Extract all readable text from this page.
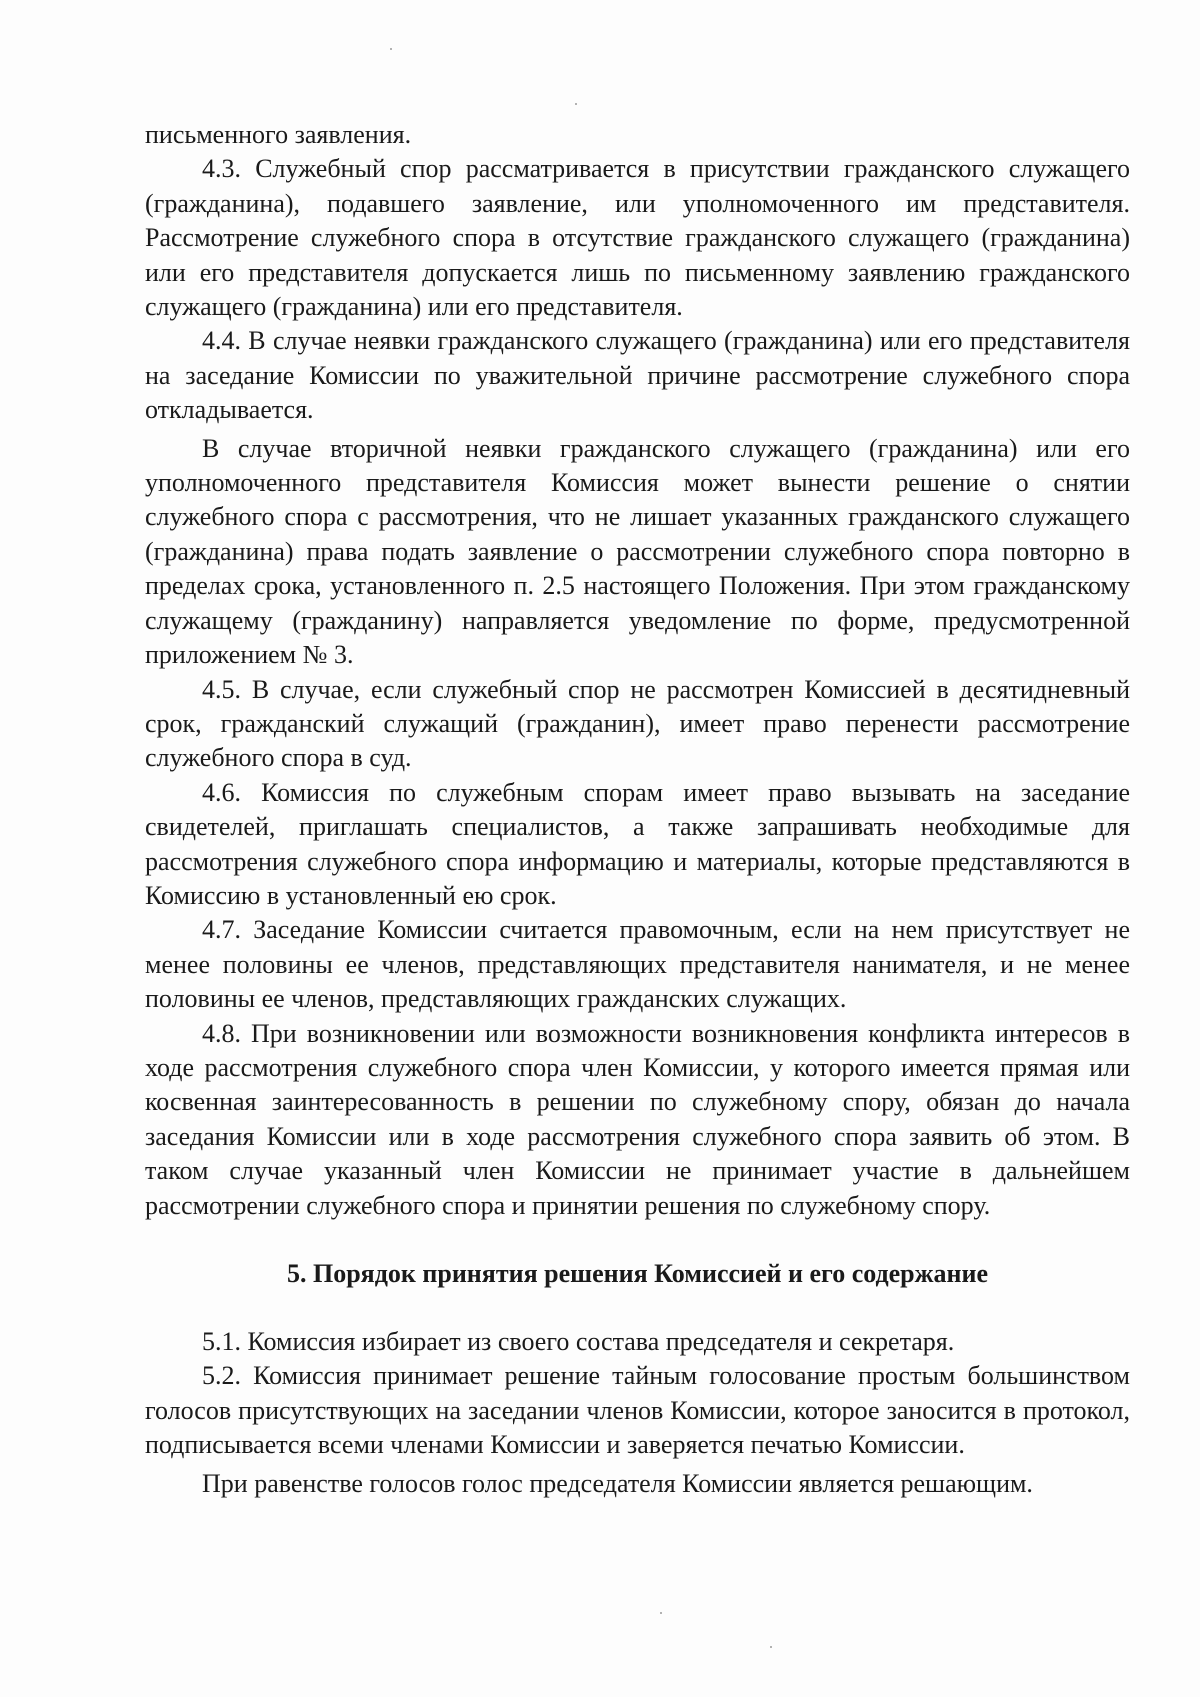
письменного заявления.

4.3. Служебный спор рассматривается в присутствии гражданского служащего (гражданина), подавшего заявление, или уполномоченного им представителя. Рассмотрение служебного спора в отсутствие гражданского служащего (гражданина) или его представителя допускается лишь по письменному заявлению гражданского служащего (гражданина) или его представителя.

4.4. В случае неявки гражданского служащего (гражданина) или его представителя на заседание Комиссии по уважительной причине рассмотрение служебного спора откладывается.

В случае вторичной неявки гражданского служащего (гражданина) или его уполномоченного представителя Комиссия может вынести решение о снятии служебного спора с рассмотрения, что не лишает указанных гражданского служащего (гражданина) права подать заявление о рассмотрении служебного спора повторно в пределах срока, установленного п. 2.5 настоящего Положения. При этом гражданскому служащему (гражданину) направляется уведомление по форме, предусмотренной приложением № 3.

4.5. В случае, если служебный спор не рассмотрен Комиссией в десятидневный срок, гражданский служащий (гражданин), имеет право перенести рассмотрение служебного спора в суд.

4.6. Комиссия по служебным спорам имеет право вызывать на заседание свидетелей, приглашать специалистов, а также запрашивать необходимые для рассмотрения служебного спора информацию и материалы, которые представляются в Комиссию в установленный ею срок.

4.7. Заседание Комиссии считается правомочным, если на нем присутствует не менее половины ее членов, представляющих представителя нанимателя, и не менее половины ее членов, представляющих гражданских служащих.

4.8. При возникновении или возможности возникновения конфликта интересов в ходе рассмотрения служебного спора член Комиссии, у которого имеется прямая или косвенная заинтересованность в решении по служебному спору, обязан до начала заседания Комиссии или в ходе рассмотрения служебного спора заявить об этом. В таком случае указанный член Комиссии не принимает участие в дальнейшем рассмотрении служебного спора и принятии решения по служебному спору.

5. Порядок принятия решения Комиссией и его содержание

5.1. Комиссия избирает из своего состава председателя и секретаря.

5.2. Комиссия принимает решение тайным голосование простым большинством голосов присутствующих на заседании членов Комиссии, которое заносится в протокол, подписывается всеми членами Комиссии и заверяется печатью Комиссии.

При равенстве голосов голос председателя Комиссии является решающим.
